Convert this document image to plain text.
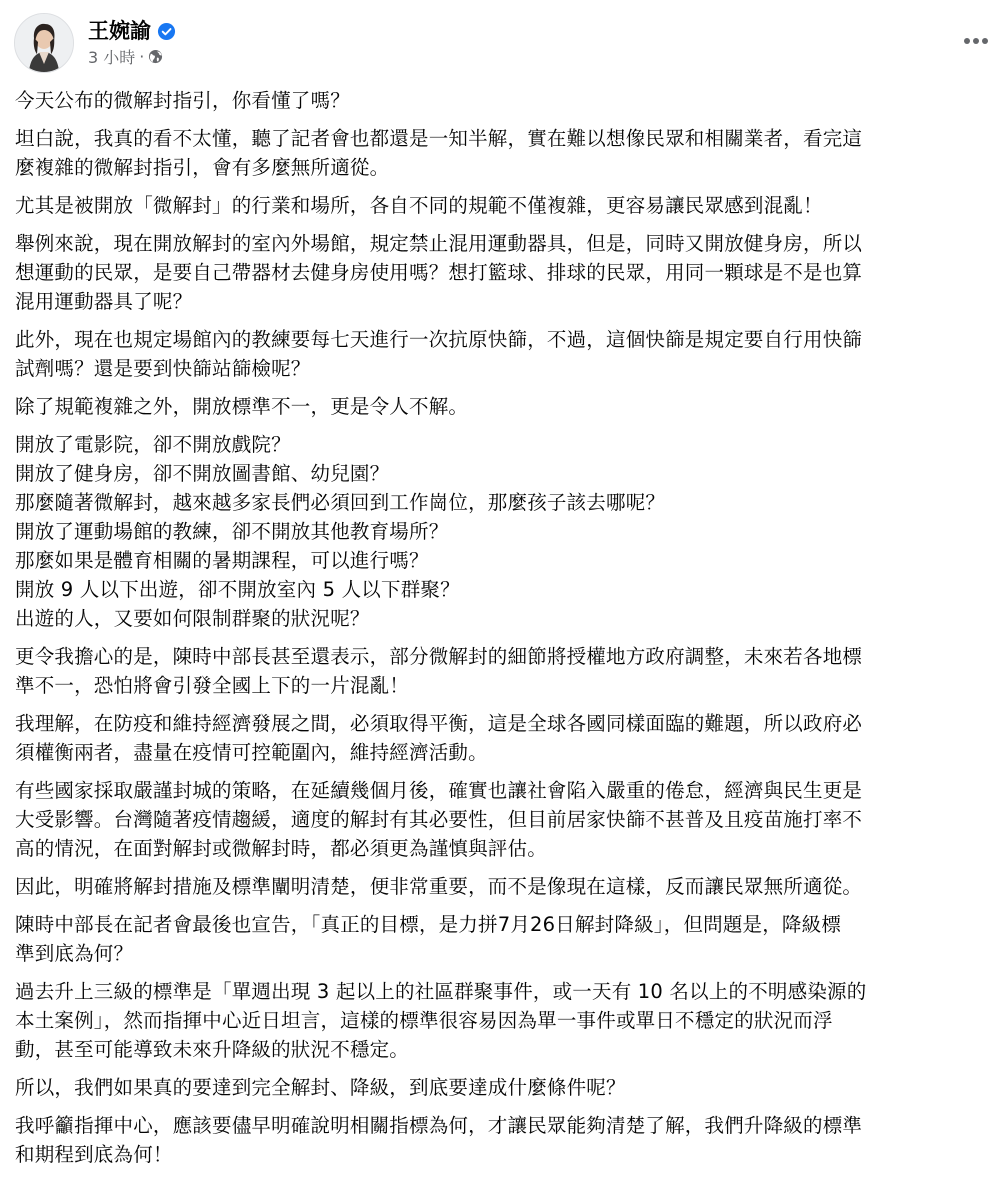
王婉諭
3 小時 ·

今天公布的微解封指引，你看懂了嗎？

坦白說，我真的看不太懂，聽了記者會也都還是一知半解，實在難以想像民眾和相關業者，看完這
麼複雜的微解封指引，會有多麼無所適從。

尤其是被開放「微解封」的行業和場所，各自不同的規範不僅複雜，更容易讓民眾感到混亂！

舉例來說，現在開放解封的室內外場館，規定禁止混用運動器具，但是，同時又開放健身房，所以
想運動的民眾，是要自己帶器材去健身房使用嗎？想打籃球、排球的民眾，用同一顆球是不是也算
混用運動器具了呢？

此外，現在也規定場館內的教練要每七天進行一次抗原快篩，不過，這個快篩是規定要自行用快篩
試劑嗎？還是要到快篩站篩檢呢？

除了規範複雜之外，開放標準不一，更是令人不解。

開放了電影院，卻不開放戲院？
開放了健身房，卻不開放圖書館、幼兒園？
那麼隨著微解封，越來越多家長們必須回到工作崗位，那麼孩子該去哪呢？
開放了運動場館的教練，卻不開放其他教育場所？
那麼如果是體育相關的暑期課程，可以進行嗎？
開放 9 人以下出遊，卻不開放室內 5 人以下群聚？
出遊的人，又要如何限制群聚的狀況呢？

更令我擔心的是，陳時中部長甚至還表示，部分微解封的細節將授權地方政府調整，未來若各地標
準不一，恐怕將會引發全國上下的一片混亂！

我理解，在防疫和維持經濟發展之間，必須取得平衡，這是全球各國同樣面臨的難題，所以政府必
須權衡兩者，盡量在疫情可控範圍內，維持經濟活動。

有些國家採取嚴謹封城的策略，在延續幾個月後，確實也讓社會陷入嚴重的倦怠，經濟與民生更是
大受影響。台灣隨著疫情趨緩，適度的解封有其必要性，但目前居家快篩不甚普及且疫苗施打率不
高的情況，在面對解封或微解封時，都必須更為謹慎與評估。

因此，明確將解封措施及標準闡明清楚，便非常重要，而不是像現在這樣，反而讓民眾無所適從。

陳時中部長在記者會最後也宣告，「真正的目標，是力拼7月26日解封降級」，但問題是，降級標
準到底為何？

過去升上三級的標準是「單週出現 3 起以上的社區群聚事件，或一天有 10 名以上的不明感染源的
本土案例」，然而指揮中心近日坦言，這樣的標準很容易因為單一事件或單日不穩定的狀況而浮
動，甚至可能導致未來升降級的狀況不穩定。

所以，我們如果真的要達到完全解封、降級，到底要達成什麼條件呢？

我呼籲指揮中心，應該要儘早明確說明相關指標為何，才讓民眾能夠清楚了解，我們升降級的標準
和期程到底為何！
